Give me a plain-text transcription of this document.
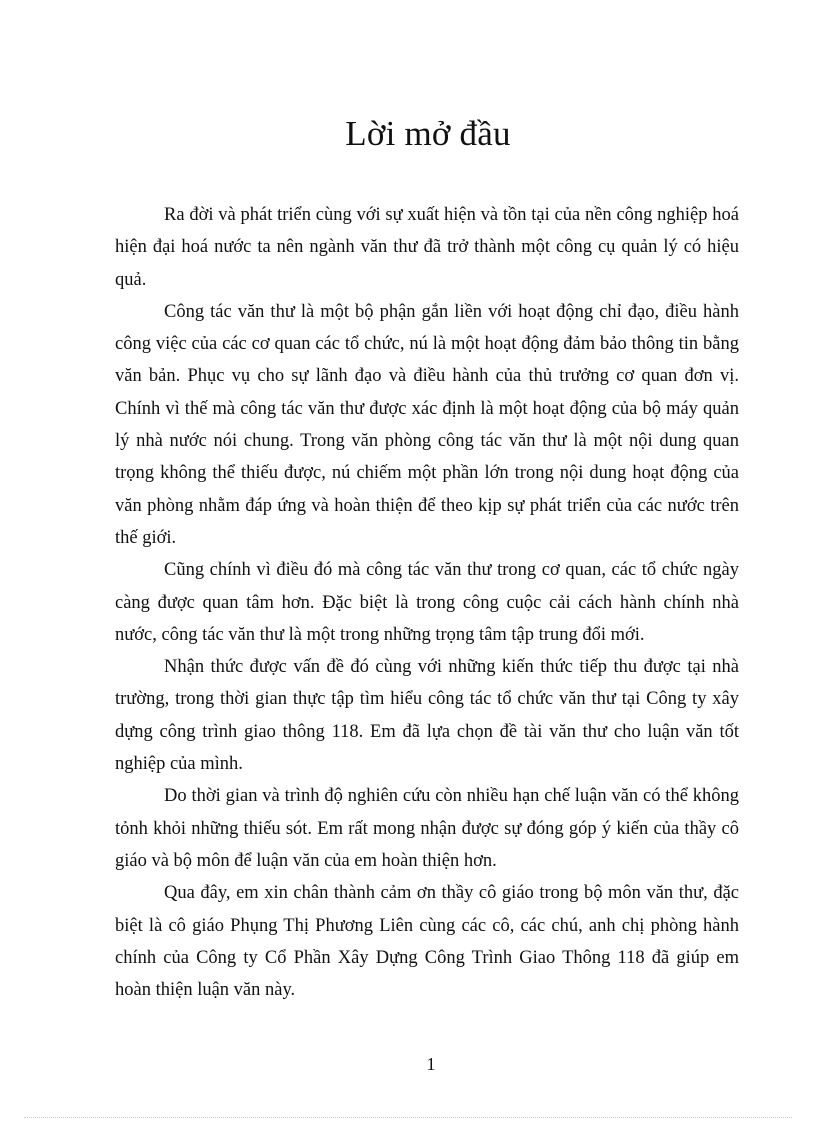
Lời mở đầu

Ra đời và phát triển cùng với sự xuất hiện và tồn tại của nền công nghiệp hoá hiện đại hoá nước ta nên ngành văn thư đã trở thành một công cụ quản lý có hiệu quả.

Công tác văn thư là một bộ phận gắn liền với hoạt động chỉ đạo, điều hành công việc của các cơ quan các tổ chức, nú là một hoạt động đảm bảo thông tin bằng văn bản. Phục vụ cho sự lãnh đạo và điều hành của thủ trưởng cơ quan đơn vị. Chính vì thế mà công tác văn thư được xác định là một hoạt động của bộ máy quản lý nhà nước nói chung. Trong văn phòng công tác văn thư là một nội dung quan trọng không thể thiếu được, nú chiếm một phần lớn trong nội dung hoạt động của văn phòng nhằm đáp ứng và hoàn thiện để theo kịp sự phát triển của các nước trên thế giới.

Cũng chính vì điều đó mà công tác văn thư trong cơ quan, các tổ chức ngày càng được quan tâm hơn. Đặc biệt là trong công cuộc cải cách hành chính nhà nước, công tác văn thư là một trong những trọng tâm tập trung đổi mới.

Nhận thức được vấn đề đó cùng với những kiến thức tiếp thu được tại nhà trường, trong thời gian thực tập tìm hiểu công tác tổ chức văn thư tại Công ty xây dựng công trình giao thông 118. Em đã lựa chọn đề tài văn thư cho luận văn tốt nghiệp của mình.

Do thời gian và trình độ nghiên cứu còn nhiều hạn chế luận văn có thể không tỏnh khỏi những thiếu sót. Em rất mong nhận được sự đóng góp ý kiến của thầy cô giáo và bộ môn để luận văn của em hoàn thiện hơn.

Qua đây, em xin chân thành cảm ơn thầy cô giáo trong bộ môn văn thư, đặc biệt là cô giáo Phụng Thị Phương Liên cùng các cô, các chú, anh chị phòng hành chính của Công ty Cổ Phần Xây Dựng Công Trình Giao Thông 118 đã giúp em hoàn thiện luận văn này.

1
